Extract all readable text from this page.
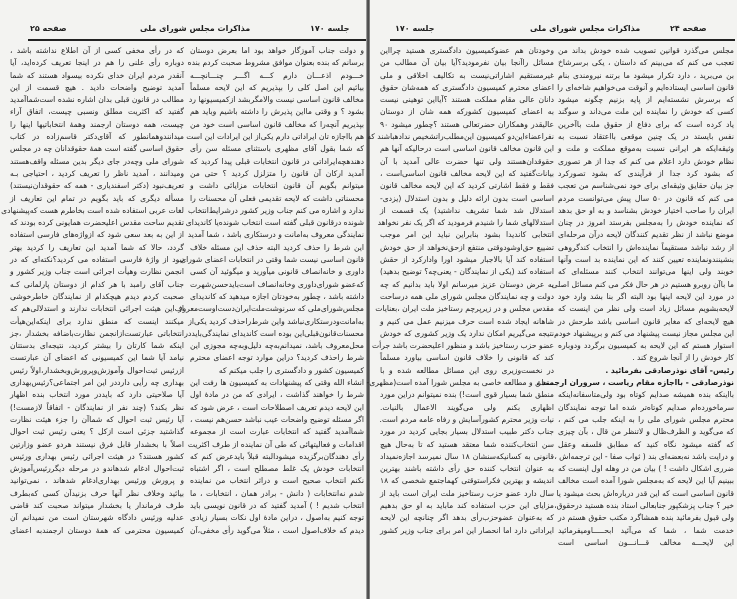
صفحه ۲۵	مذاکرات مجلس شورای ملی	جلسه ۱۷۰
و دولت جناب آموزگار خواهد بود اما بعرض دوستان
برسانم که بنده بعنوان موافق مشروط صحبت کردم بنده
خـــودم اذعـــان دارم کـــه اگـــر چنـــانچـــه
بیائیم این اصل کلی را بپذیریم که این لایحه مسلماً
مخالف قانون اساسی نیست والامگربشد ازکمیسیونها رد
بشود ؟ و وقتی مااین پذیرش را داشته باشیم وباید هم
بپذیریم آنچه‌را که مخالف قانون اساسی است خود من
هم بااجازه تان ایراداتی دارم یکی‌از این ایرادات این است
که شما بقول آقای مظهری باستثنای مسئله سن رأی
دهندهچه‌ایراداتی در قانون انتخابات قبلی پیدا کردید که
آمدید ارکان آن قانون را متزلزل کردید ؟ حتی من
میتوانم بگویم آن قانون انتخابات مزایائی داشت و
محسناتی داشت که لایحه تقدیمی فعلی آن محسنات را
ندارد و اشاره می کنم جناب وزیر کشور درشرایط‌انتخاب
شونده درقانون قبلی گفته است انتخاب شونده‌یا کاندیدای
نمایندگی معروف به‌امانت و درستکاری باشد ، شما آمدید
این شرط را حذف کردید البته حذف این مسئله خلاف
قانون اساسی نیست شما وقتی در انتخابات اعضای شورای
داوری و خانه‌انصاف قانونی میآورید و میگوئید آن کسی
که‌عضو شورای‌داوری وخانه‌انصاف است‌بایدحسن‌شهرت
داشته باشد ، چطور به‌خودتان اجازه میدهید که کاندیدای
مجلس‌شورای‌ملی که سرنوشت‌ملت‌ایران‌دست‌اوست‌معروف
به‌امانت‌ودرستکاری‌نباشد واین شرط‌راحذف کردید یکی‌از
محسنات‌قانون‌قبلی‌این بوده است کاندیدای نمایندگی‌بایددر
محل‌معروف باشد، نمیدانم‌به‌چه دلیل‌وبه‌چه مجوزی این
شرط راحذف کردید؟ دراین موارد توجه اعضای محترم
کمیسیون کشور و دادگستری را جلب میکنم که
انشاء الله وقتی که پیشنهادات به کمیسیون ها رفت این
شرط را خواهند گذاشت ، ایرادی که من در مادهٔ اول
این لایحه دیدم تعریف اصطلاحات است ، عرض شود که
اگر مسئله توضیح واضحات عیب نباشد حسن‌هم نیست ،
شماآمدید گفتید که انتخابات عبارت است از مجموعه
اقدامات و فعالیتهائی که طی آن نماینده از طرف اکثریت
رأی دهندگان‌برگزیده میشود‌البته قبلاً بایدعرض کنم که
انتخابات خودش یک غلط مصطلح است ، اگر اشتباه
نکنم انتخاب صحیح است و دراثر انتخاب من نماینده
شدم نه‌انتخابات ( دانش - برادر همان ، انتخابات ، ما
انتخاب شدیم ! ) آمدید گفتید که در قانون نویسی باید
توجه کنیم به‌اصول ، دراین مادهٔ اول نکات بسیار زیادی
دیدم که خلاف‌اصول است ، مثلاً می‌گوید رأی مخفی،آن
که در رأی مخفی کسی از آن اطلاع نداشته باشد ،
دوباره رأی علنی را هم در اینجا تعریف کرده‌اید، آیا
آنقدر مردم ایران خدای نکرده بیسواد هستند که شما
آمدید توضیح واضحات دادید . هیچ قسمت از این
مطالب در قانون قبلی بدان اشاره نشده است‌شماآمدید
گفتید که اکثریت مطلق ونسبی چیست، اتفاق آراء
چیست، همه دوستان ارجمند وهمهٔ انتخاباتیها اینها را
میدانندوهمانطور که آقای‌دکتر قاسم‌زاده در کتاب
حقوق اساسی گفته است همهٔ حقوقدانان چه در مجلس
شورای ملی وچه‌در جای دیگر بدین مسئله واقف‌هستند
ومیدانند ، آمدید ناظر را تعریف کردید ، احتیاجی بـه
تعریف‌نبود (دکتر اسفندیاری - همه که حقوقدان‌نیستند)
مسأله دیگری که باید بگویم در تمام این تعاریف از
لغات عربی استفاده شده است بخاطرم هست که‌پیشنهادی
تقدیم ساحت مقدس اعلیحضرت همایونی کرده بودند که
از این به بعد سعی شود که ازواژه‌های فارسی استفاده
گردد، حالا که شما آمدید این تعاریف را کردید بهتر
نبود از واژهٔ فارسی استفاده می کردید؟نکته‌ای که در
انجمن نظارت وهیأت اجرائی است جناب وزیر کشور و
جناب آقای رامبد با هر کدام از دوستان پارلمانی کـه
صحبت کردم دیدم هیچکدام از نمایندگان خاطرخوشی
از این هیئت اجرائی انتخابات ندارند و استدلالی‌هم که
میکنند اینست که منطق ندارد برای اینکه‌این‌هیأت
انتخاباتی عبارتست‌ازانجمن نظارت‌باضافه بخشدار ،جز
اینکه شما کارتان را بیشتر کردید، نتیجه‌ای بدستتان
نیامد آیا شما این کمیسیونی که اعضای آن عبارتست
ازرئیس ثبت‌احوال وآموزش‌وپرورش‌وبخشدار،اولاً رئیس
بهداری چه رأیی دارددر این امر اجتماعی؟رئیس‌بهداری
آیا صلاحیتی دارد که بایددر مورد انتخاب بنده اظهار
نظر بکند؟ (چند نفر از نمایندگان - اتفاقاً لازمست!)
آیا رئیس ثبت احوال که شماآن را جزء هیئت نظارت
گذاشتید جزئی است ازکل ؟ یعنی رئیس ثبت احوال
اصلاً با بخشدار قابل فرق نیستند هردو عضو وزارتین
کشور هستند؟ در هیئت اجرائی رئیس بهداری ورئیس
ثبت‌احوال ادغام شدهاندو در مرحله دیگررئیس‌آموزش
و پرورش ورئیس بهداری‌ادغام شدهاند ، نمی‌توانید
بیائید وخلاف نظر آنها حرف بزنیدآن کسی که‌بطرف
طرف فرماندار یا بخشدار میتواند صحبت کند قاضی
عدلیه ورئیس دادگاه شهرستان است من نمیدانم آن
کمیسیون محترمی که همهٔ دوستان ارجمندبه اعضای
صفحه ۲۴
مذاکرات مجلس شورای ملی
جلسه ۱۷۰
مجلس می‌گذرد قوانین تصویب شده خودش بداند من
تعجب می کنم که می‌بینم که داستان ، یکی برسرشاخ
بن می‌برید ، دارد تکرار میشود ما برتنه نیرومندی بنام
قانون اساسی ایستاده‌ایم و آنوقت می‌خواهیم شاخه‌ای را
که برسرش نشسته‌ایم از پایه بزنیم چگونه میشود
کسی که خودش را نماینده این ملت می‌داند و سوگند
یاد کرده است که برای دفاع از حقوق ملت باآخرین
نفس بایستد در یک چنین موقعی بااعتقاد نسبت به
وثیقه‌ایکه هر ایرانی نسبت به‌موقع مملکت و ملت و
نظام خودش دارد اعلام می کنم که جدا از هر تصوری
که بشود کرد جدا از فرآیندی که بشود تصورکرد
جز بیان حقایق وثیقه‌ای برای خود نمی‌شناسم من تعجب
می کنم که قانون در ۵۰ سال پیش می‌توانست مردم
ایران را صاحب اختیار خودش بشناسد و به او حق بدهد
که نماینده خودش را به‌مجلس بفرستد امروز در چنان
موضع نباشد از نظر تقدیم کنندگان لایحه درآن مرحله‌ای
از رشد نباشد مستقیماً نماینده‌اش را انتخاب کندگروهی
بنشینندونماینده تعیین کنند که این نماینده بد است وآنها
خوبند ولی اینها می‌توانند انتخاب کنند مسئله‌ای که
ما باآن روبرو هستیم در هر حال فکر می کنم مسائل اصلی
در مورد این لایحه اینها بود البته اگر بنا بشد وارد خود
لایحه‌بشویم مسائل زیاد است ولی نظر من اینست که
هیچ لایحه‌ای که مغایر قانون اساسی باشد طرحش در
این مجلس مجاز نیست پیشنهاد می کنم و برپیشنهاد خودم
استوار هستم که این لایحه به کمیسیون برگردد ودوباره
کار خودش را از آنجا شروع کند .
رئیس- آقای نوذرصادقی بفرمائید .
نوذرصادقی - بااجازه مقام ریاست ، سروران ارجمند ،
بااینکه بنده همیشه صدایم کوتاه بود ولی‌متاسفانه‌اینکه
سرماخورده‌ام صدایم کوتاه‌تر شده اما توجه نمایندگان
محترم مجلس شورای ملی را به اینکه جلب می کنم ،
که می‌گوید و الظرف‌ظال و لاتنظر من قال ، بآن چیزی
که گفته میشود نگاه کنید که مطابق فلسفه وعقل
و درایت باشد نه‌بعضه‌ای بند ( ثواب صفا - این ترجمه‌اش ،
ضرری اشکال داشت ! ) بیان من در وهله اول اینست که
ببینیم آیا این لایحه که به‌مجلس شورا آمده است مخالف
قانون اساسی است که این قدر درباره‌اش بحث میشود یا
خیر ؟ جناب پزشکپور جنابعالی استاد بنده هستید درحقوق،
ولی قبول بفرمائید بنده همشاگرد مکتب حقوق هستم در
خدمت شما ، شما که می‌آئید ابحـــــاومیفرمائید
این لایحـــه مخالف قـــانـــون اساسی است
وخودتان هم عضوکمیسیون دادگستری هستید چرااین
مسائل راآنجا بیان نفرمودید؟آیا بیان آن مطالب من
غیرمستقیم اشاراتی‌نیست به تکالیف اخلاقی و ملی
اعضای محترم کمیسیون دادگستری که همه‌شان حقوق
دانان عالی مقام مملکت هستند ؟آیااین توهینی نیست
به اعضای کمیسیون کشورکه همه شان از دوستان
عالیقدر وهمکاران حضرتعالی هستند ؟چطور میشود ۹۰
نفراعضاءاین‌دو کمیسیون این‌مطلب‌راتشخیص ندادهباشند که
این قانون مخالف قانون اساسی است درحالیکه آنها هم
حقوقدان‌هستند ولی تنها حضرت عالی آمدید با آن
بیانات‌گفتید که این لایحه مخالف قانون اساسی‌است ،
فقط و فقط اشارتی کردید که این لایحه مخالف قانون
اساسی است بدون ارائه دلیل و بدون استدلال (یزدی-
استدلال شد شما تشریف نداشتید) یک قسمت از
استدلالهای شما را شنیدم فرمودید که اگر یک نفر نخواهد
انتخابی کاندیدا بشود بنابراین نباید این امر موجب
تضییع حق‌اوشودوقتی منتفع ازحق‌نخواهد از حق خودش
استفاده کند آیا بالاجبار میشود اورا وادارکرد از حقش
استفاده کند (یکی از نمایندگان - یعنی‌چه؟ توضیح بدهید)
به عرض دوستان عزیز میرسانم اولا باید بدانیم که چه
دولت و چه نمایندگان مجلس شورای ملی همه درساحت
مقدس مجلس و در زیرپرچم رستاخیز ملت ایران ،بعنایات
شاهانه ایجاد شده است حرف میزنیم عمل می کنیم و
نتیجه می‌گیریم امکان ندارد یک وزیر کشوری که خودش
عضو حزب رستاخیز باشد و منظور اعلیحضرت باشد جرأت
کند که قانونی را خلاف قانون اساسی بیاورد مسلماً
در نخست‌وزیری روی این مسائل مطالعه شده و با
منطق و مطالعه خاصی به مجلس شورا آمده است(مظهری-
منطق شما بسیار قوی است!) بنده نمیتوانم دراین مورد
اظهاری بکنم ولی می‌گویند الاعمال بالنیات.
نیات وزیر محترم کشورآسایش و رفاه عامه مردم است.
جناب دکتر طبیب استدلال بسیار بجایی کردید در مورد
سن انتخاب‌کننده شما معتقد هستید که تا به‌حال هیچ
قانونی به کسانیکه‌سنشان ۱۸ سال نمیرسد اجازه‌نمیداد
به عنوان انتخاب کننده حق رأی داشته باشند بهترین
اندیشه و بهترین فکراستوقتی کهماجتمع شخصی که ۱۸
سال دارد عضو حزب رستاخیز ملت ایران است باید از
مزایای این حزب استفاده کند ماباید به او حق بدهیم
که به‌عنوان عضوحزب‌رأی بدهد اگر چنانچه این لایحه
ایراداتی دارد اما انحصار این امر برای جناب وزیر کشور
